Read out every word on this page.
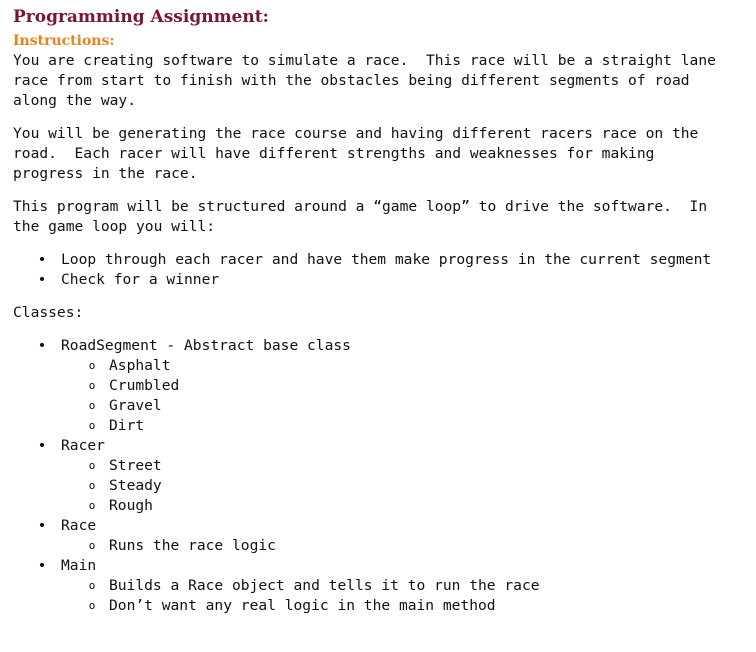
Programming Assignment:
Instructions:

You are creating software to simulate a race.  This race will be a straight lane
race from start to finish with the obstacles being different segments of road
along the way.

You will be generating the race course and having different racers race on the
road.  Each racer will have different strengths and weaknesses for making
progress in the race.

This program will be structured around a “game loop” to drive the software.  In
the game loop you will:

• Loop through each racer and have them make progress in the current segment
• Check for a winner

Classes:

• RoadSegment - Abstract base class
o Asphalt
o Crumbled
o Gravel
o Dirt
• Racer
o Street
o Steady
o Rough
• Race
o Runs the race logic
• Main
o Builds a Race object and tells it to run the race
o Don’t want any real logic in the main method
